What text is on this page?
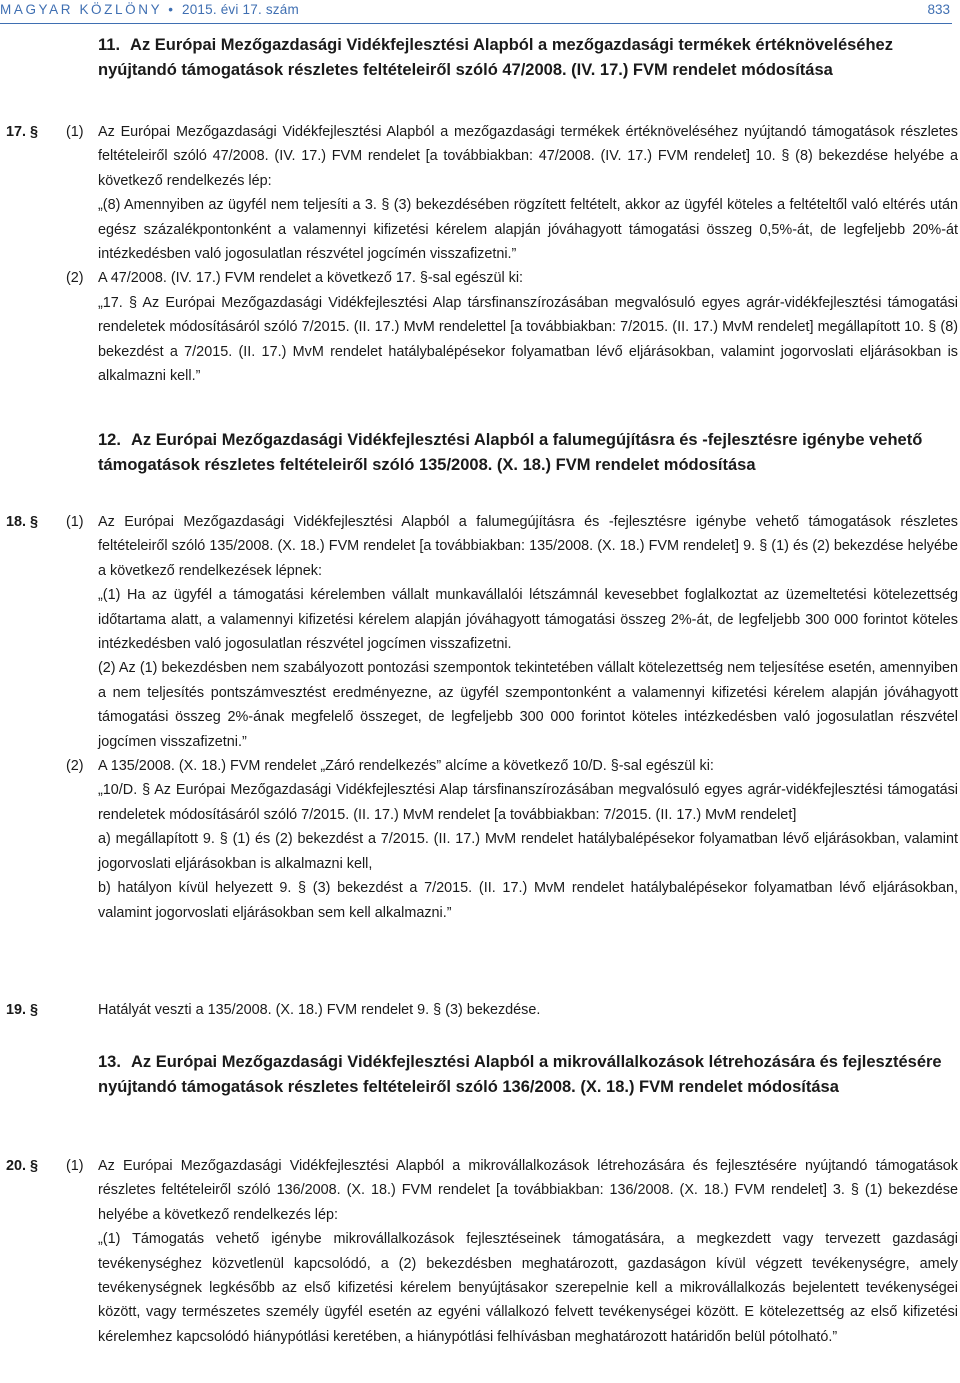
MAGYAR KÖZLÖNY • 2015. évi 17. szám	833
11. Az Európai Mezőgazdasági Vidékfejlesztési Alapból a mezőgazdasági termékek értéknöveléséhez nyújtandó támogatások részletes feltételeiről szóló 47/2008. (IV. 17.) FVM rendelet módosítása
17. § (1) Az Európai Mezőgazdasági Vidékfejlesztési Alapból a mezőgazdasági termékek értéknöveléséhez nyújtandó támogatások részletes feltételeiről szóló 47/2008. (IV. 17.) FVM rendelet [a továbbiakban: 47/2008. (IV. 17.) FVM rendelet] 10. § (8) bekezdése helyébe a következő rendelkezés lép:

„(8) Amennyiben az ügyfél nem teljesíti a 3. § (3) bekezdésében rögzített feltételt, akkor az ügyfél köteles a feltételtől való eltérés után egész százalékpontonként a valamennyi kifizetési kérelem alapján jóváhagyott támogatási összeg 0,5%-át, de legfeljebb 20%-át intézkedésben való jogosulatlan részvétel jogcímén visszafizetni.”

(2) A 47/2008. (IV. 17.) FVM rendelet a következő 17. §-sal egészül ki:

„17. § Az Európai Mezőgazdasági Vidékfejlesztési Alap társfinanszírozásában megvalósuló egyes agrár-vidékfejlesztési támogatási rendeletek módosításáról szóló 7/2015. (II. 17.) MvM rendelettel [a továbbiakban: 7/2015. (II. 17.) MvM rendelet] megállapított 10. § (8) bekezdést a 7/2015. (II. 17.) MvM rendelet hatálybalépésekor folyamatban lévő eljárásokban, valamint jogorvoslati eljárásokban is alkalmazni kell.”

12. Az Európai Mezőgazdasági Vidékfejlesztési Alapból a falumegújításra és -fejlesztésre igénybe vehető támogatások részletes feltételeiről szóló 135/2008. (X. 18.) FVM rendelet módosítása
18. § (1) Az Európai Mezőgazdasági Vidékfejlesztési Alapból a falumegújításra és -fejlesztésre igénybe vehető támogatások részletes feltételeiről szóló 135/2008. (X. 18.) FVM rendelet [a továbbiakban: 135/2008. (X. 18.) FVM rendelet] 9. § (1) és (2) bekezdése helyébe a következő rendelkezések lépnek:

„(1) Ha az ügyfél a támogatási kérelemben vállalt munkavállalói létszámnál kevesebbet foglalkoztat az üzemeltetési kötelezettség időtartama alatt, a valamennyi kifizetési kérelem alapján jóváhagyott támogatási összeg 2%-át, de legfeljebb 300 000 forintot köteles intézkedésben való jogosulatlan részvétel jogcímen visszafizetni.

(2) Az (1) bekezdésben nem szabályozott pontozási szempontok tekintetében vállalt kötelezettség nem teljesítése esetén, amennyiben a nem teljesítés pontszámvesztést eredményezne, az ügyfél szempontonként a valamennyi kifizetési kérelem alapján jóváhagyott támogatási összeg 2%-ának megfelelő összeget, de legfeljebb 300 000 forintot köteles intézkedésben való jogosulatlan részvétel jogcímen visszafizetni.”

(2) A 135/2008. (X. 18.) FVM rendelet „Záró rendelkezés” alcíme a következő 10/D. §-sal egészül ki:

„10/D. § Az Európai Mezőgazdasági Vidékfejlesztési Alap társfinanszírozásában megvalósuló egyes agrár-vidékfejlesztési támogatási rendeletek módosításáról szóló 7/2015. (II. 17.) MvM rendelet [a továbbiakban: 7/2015. (II. 17.) MvM rendelet]

a) megállapított 9. § (1) és (2) bekezdést a 7/2015. (II. 17.) MvM rendelet hatálybalépésekor folyamatban lévő eljárásokban, valamint jogorvoslati eljárásokban is alkalmazni kell,

b) hatályon kívül helyezett 9. § (3) bekezdést a 7/2015. (II. 17.) MvM rendelet hatálybalépésekor folyamatban lévő eljárásokban, valamint jogorvoslati eljárásokban sem kell alkalmazni.”

19. §	Hatályát veszti a 135/2008. (X. 18.) FVM rendelet 9. § (3) bekezdése.

13. Az Európai Mezőgazdasági Vidékfejlesztési Alapból a mikrovállalkozások létrehozására és fejlesztésére nyújtandó támogatások részletes feltételeiről szóló 136/2008. (X. 18.) FVM rendelet módosítása
20. § (1) Az Európai Mezőgazdasági Vidékfejlesztési Alapból a mikrovállalkozások létrehozására és fejlesztésére nyújtandó támogatások részletes feltételeiről szóló 136/2008. (X. 18.) FVM rendelet [a továbbiakban: 136/2008. (X. 18.) FVM rendelet] 3. § (1) bekezdése helyébe a következő rendelkezés lép:

„(1) Támogatás vehető igénybe mikrovállalkozások fejlesztéseinek támogatására, a megkezdett vagy tervezett gazdasági tevékenységhez közvetlenül kapcsolódó, a (2) bekezdésben meghatározott, gazdaságon kívül végzett tevékenységre, amely tevékenységnek legkésőbb az első kifizetési kérelem benyújtásakor szerepelnie kell a mikrovállalkozás bejelentett tevékenységei között, vagy természetes személy ügyfél esetén az egyéni vállalkozó felvett tevékenységei között. E kötelezettség az első kifizetési kérelemhez kapcsolódó hiánypótlási keretében, a hiánypótlási felhívásban meghatározott határidőn belül pótolható.”
